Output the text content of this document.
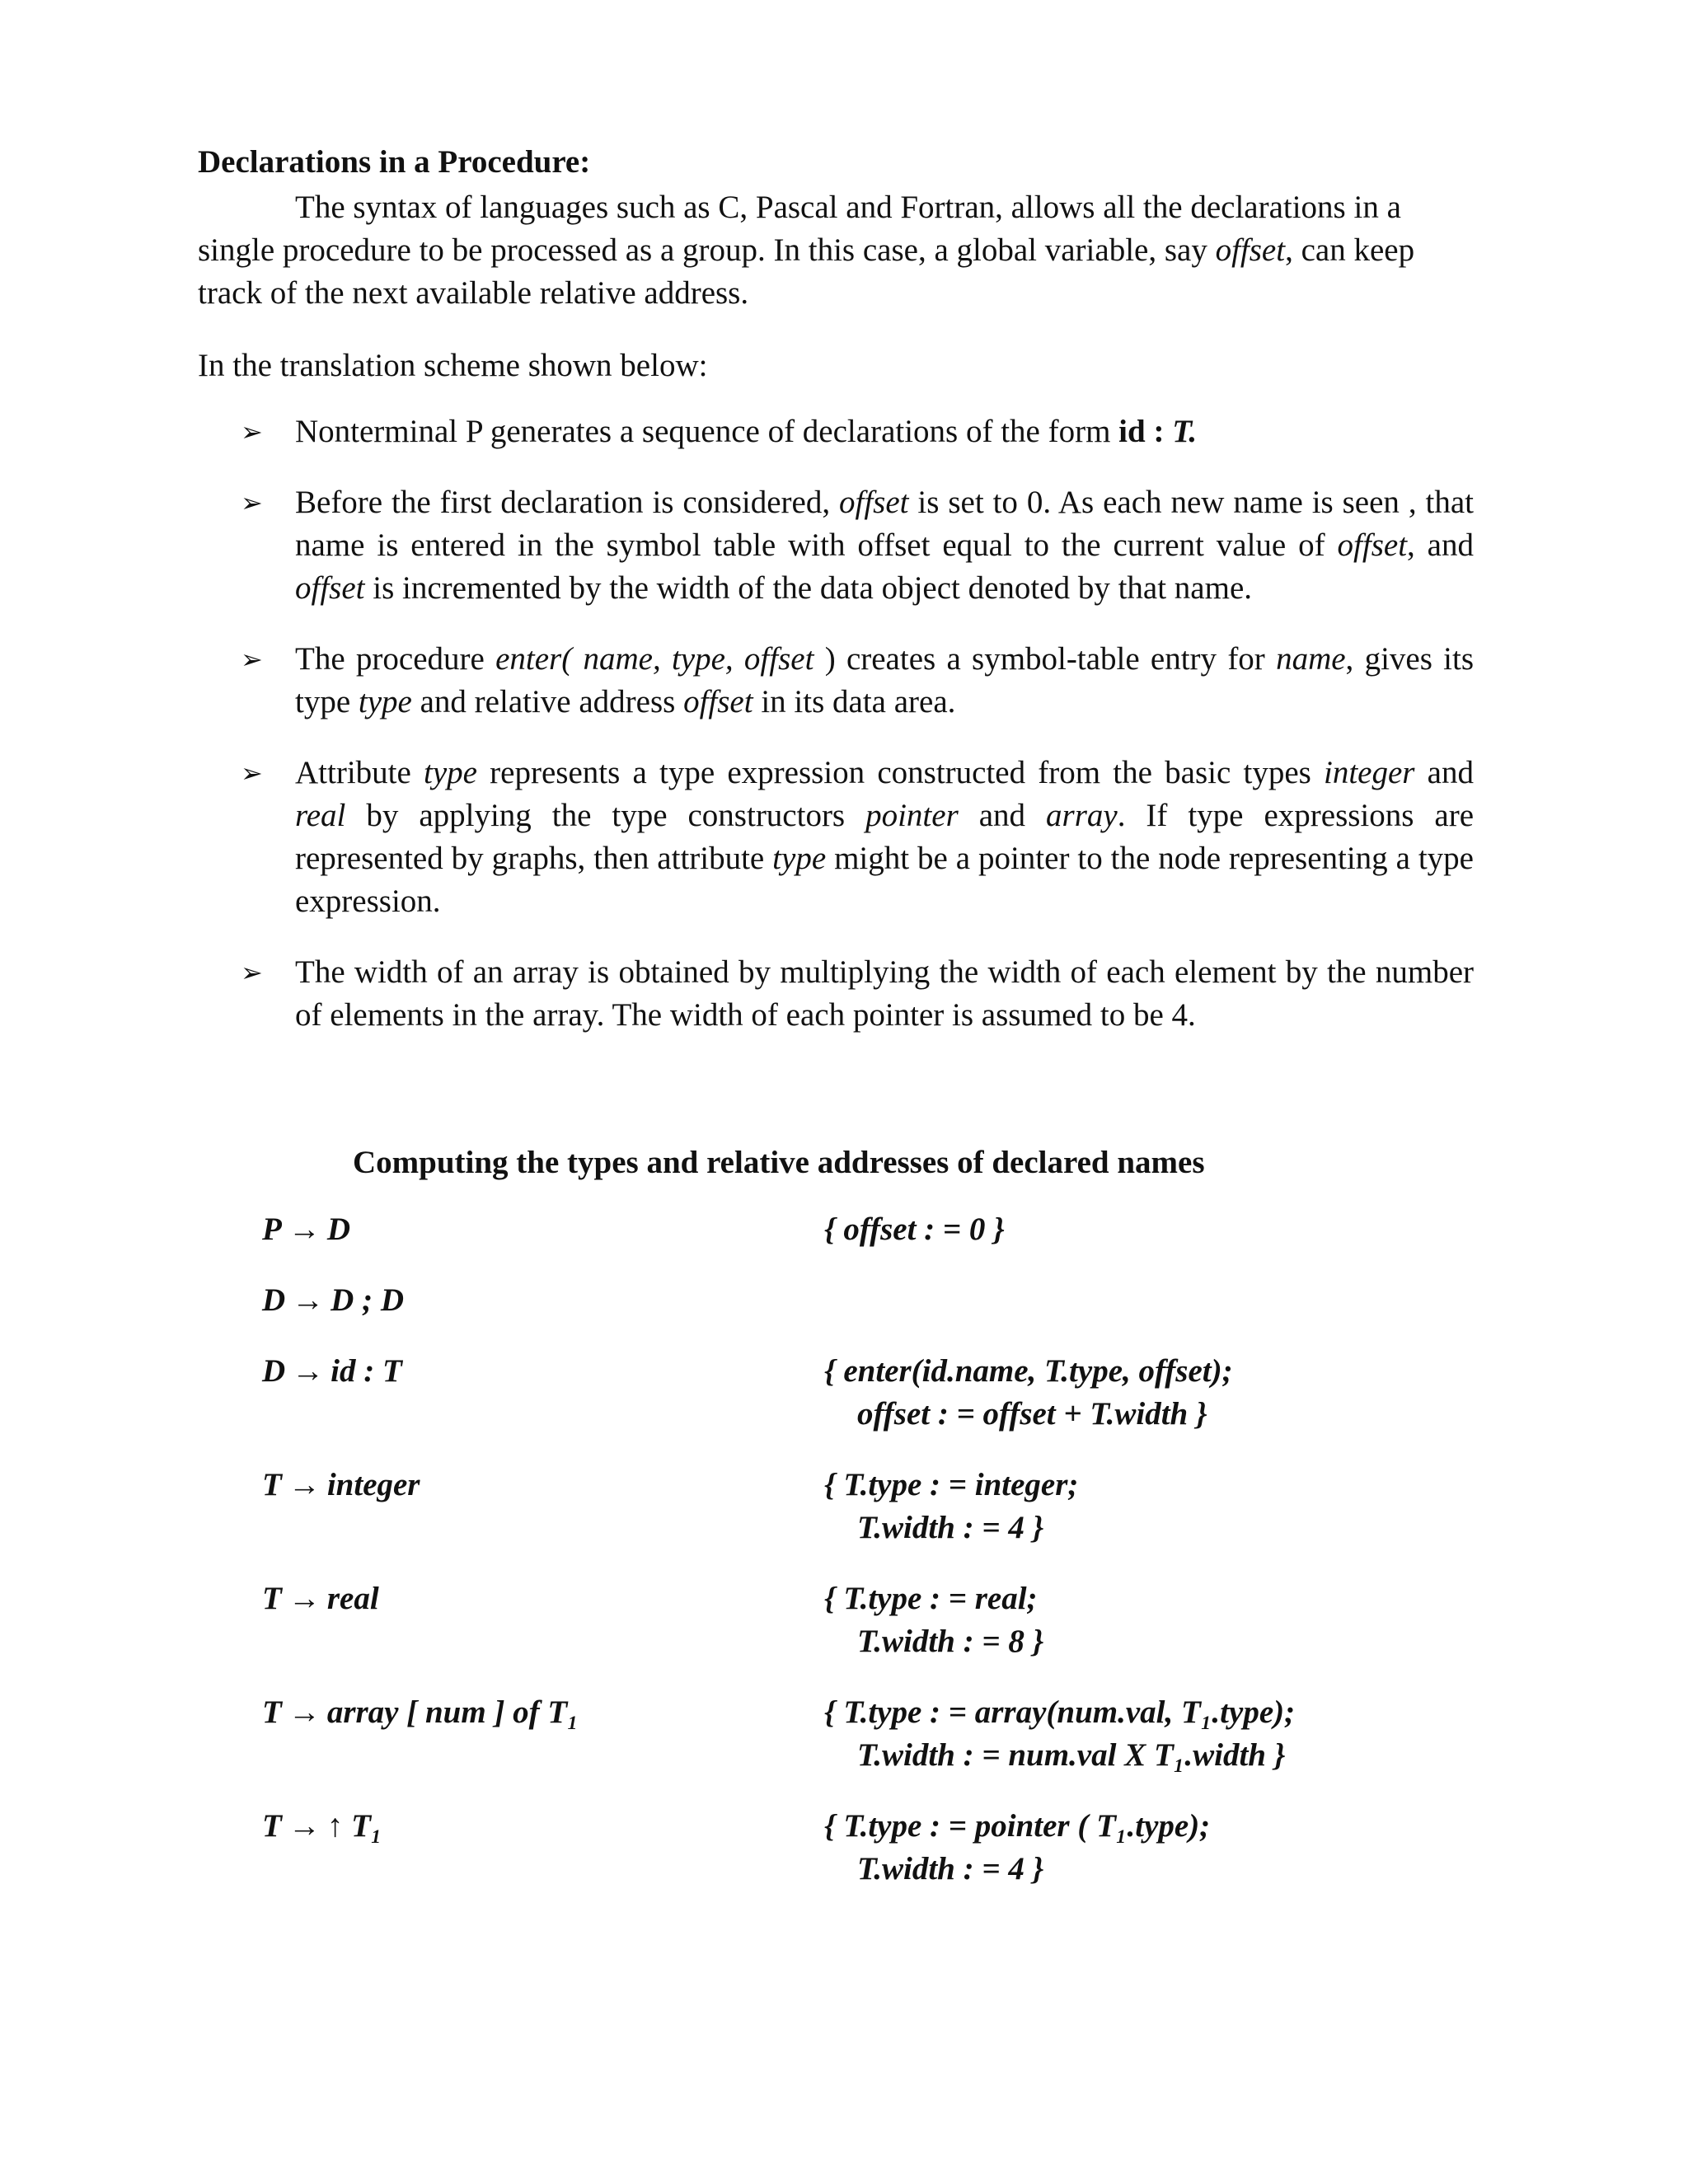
Declarations in a Procedure:
The syntax of languages such as C, Pascal and Fortran, allows all the declarations in a single procedure to be processed as a group. In this case, a global variable, say offset, can keep track of the next available relative address.
In the translation scheme shown below:
➢ Nonterminal P generates a sequence of declarations of the form id : T.
➢ Before the first declaration is considered, offset is set to 0. As each new name is seen , that name is entered in the symbol table with offset equal to the current value of offset, and offset is incremented by the width of the data object denoted by that name.
➢ The procedure enter( name, type, offset ) creates a symbol-table entry for name, gives its type type and relative address offset in its data area.
➢ Attribute type represents a type expression constructed from the basic types integer and real by applying the type constructors pointer and array. If type expressions are represented by graphs, then attribute type might be a pointer to the node representing a type expression.
➢ The width of an array is obtained by multiplying the width of each element by the number of elements in the array. The width of each pointer is assumed to be 4.
Computing the types and relative addresses of declared names
P → D	{ offset : = 0 }
D → D ; D
D → id : T	{ enter(id.name, T.type, offset);
offset : = offset + T.width }
T → integer	{ T.type : = integer;
T.width : = 4 }
T → real	{ T.type : = real;
T.width : = 8 }
T → array [ num ] of T₁	{ T.type : = array(num.val, T₁.type);
T.width : = num.val X T₁.width }
T → ↑ T₁	{ T.type : = pointer ( T₁.type);
T.width : = 4 }
